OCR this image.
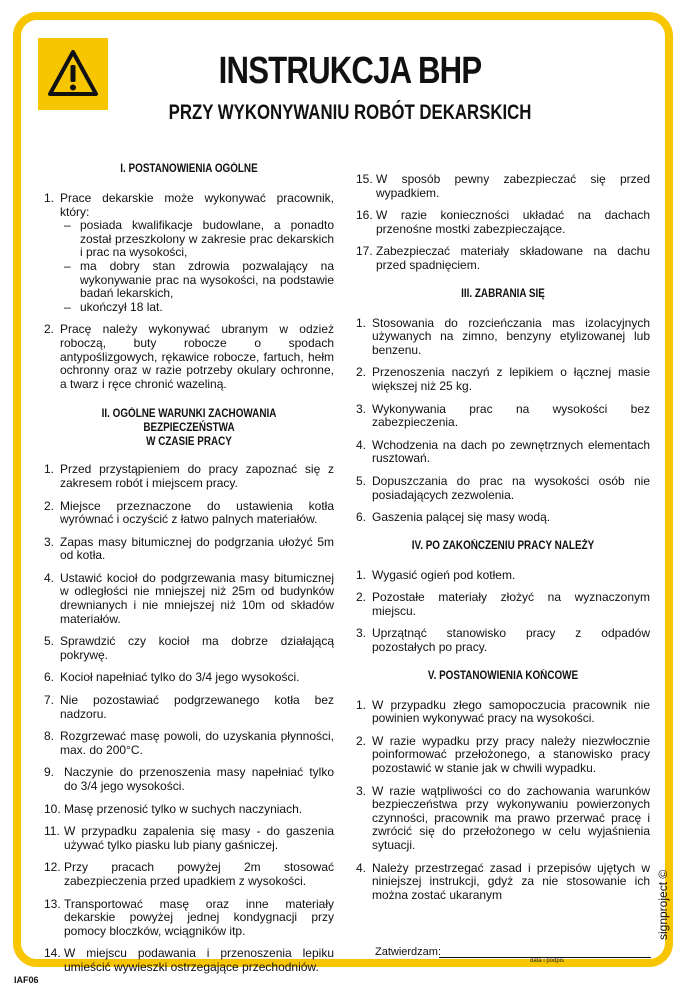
INSTRUKCJA BHP
PRZY WYKONYWANIU ROBÓT DEKARSKICH
I. POSTANOWIENIA OGÓLNE
1. Prace dekarskie może wykonywać pracownik, który:
– posiada kwalifikacje budowlane, a ponadto został przeszkolony w zakresie prac dekarskich i prac na wysokości,
– ma dobry stan zdrowia pozwalający na wykonywanie prac na wysokości, na podstawie badań lekarskich,
– ukończył 18 lat.
2. Pracę należy wykonywać ubranym w odzież roboczą, buty robocze o spodach antypoślizgowych, rękawice robocze, fartuch, hełm ochronny oraz w razie potrzeby okulary ochronne, a twarz i ręce chronić wazeliną.
II. OGÓLNE WARUNKI ZACHOWANIA BEZPIECZEŃSTWA
W CZASIE PRACY
1. Przed przystąpieniem do pracy zapoznać się z zakresem robót i miejscem pracy.
2. Miejsce przeznaczone do ustawienia kotła wyrównać i oczyścić z łatwo palnych materiałów.
3. Zapas masy bitumicznej do podgrzania ułożyć 5m od kotła.
4. Ustawić kocioł do podgrzewania masy bitumicznej w odległości nie mniejszej niż 25m od budynków drewnianych i nie mniejszej niż 10m od składów materiałów.
5. Sprawdzić czy kocioł ma dobrze działającą pokrywę.
6. Kocioł napełniać tylko do 3/4 jego wysokości.
7. Nie pozostawiać podgrzewanego kotła bez nadzoru.
8. Rozgrzewać masę powoli, do uzyskania płynności, max. do 200°C.
9. Naczynie do przenoszenia masy napełniać tylko do 3/4 jego wysokości.
10. Masę przenosić tylko w suchych naczyniach.
11. W przypadku zapalenia się masy - do gaszenia używać tylko piasku lub piany gaśniczej.
12. Przy pracach powyżej 2m stosować zabezpieczenia przed upadkiem z wysokości.
13. Transportować masę oraz inne materiały dekarskie powyżej jednej kondygnacji przy pomocy bloczków, wciągników itp.
14. W miejscu podawania i przenoszenia lepiku umieścić wywieszki ostrzegające przechodniów.
15. W sposób pewny zabezpieczać się przed wypadkiem.
16. W razie konieczności układać na dachach przenośne mostki zabezpieczające.
17. Zabezpieczać materiały składowane na dachu przed spadnięciem.
III. ZABRANIA SIĘ
1. Stosowania do rozcieńczania mas izolacyjnych używanych na zimno, benzyny etylizowanej lub benzenu.
2. Przenoszenia naczyń z lepikiem o łącznej masie większej niż 25 kg.
3. Wykonywania prac na wysokości bez zabezpieczenia.
4. Wchodzenia na dach po zewnętrznych elementach rusztowań.
5. Dopuszczania do prac na wysokości osób nie posiadających zezwolenia.
6. Gaszenia palącej się masy wodą.
IV. PO ZAKOŃCZENIU PRACY NALEŻY
1. Wygasić ogień pod kotłem.
2. Pozostałe materiały złożyć na wyznaczonym miejscu.
3. Uprzątnąć stanowisko pracy z odpadów pozostałych po pracy.
V. POSTANOWIENIA KOŃCOWE
1. W przypadku złego samopoczucia pracownik nie powinien wykonywać pracy na wysokości.
2. W razie wypadku przy pracy należy niezwłocznie poinformować przełożonego, a stanowisko pracy pozostawić w stanie jak w chwili wypadku.
3. W razie wątpliwości co do zachowania warunków bezpieczeństwa przy wykonywaniu powierzonych czynności, pracownik ma prawo przerwać pracę i zwrócić się do przełożonego w celu wyjaśnienia sytuacji.
4. Należy przestrzegać zasad i przepisów ujętych w niniejszej instrukcji, gdyż za nie stosowanie ich można zostać ukaranym
Zatwierdzam:
data i podpis
signproject ©
IAF06
